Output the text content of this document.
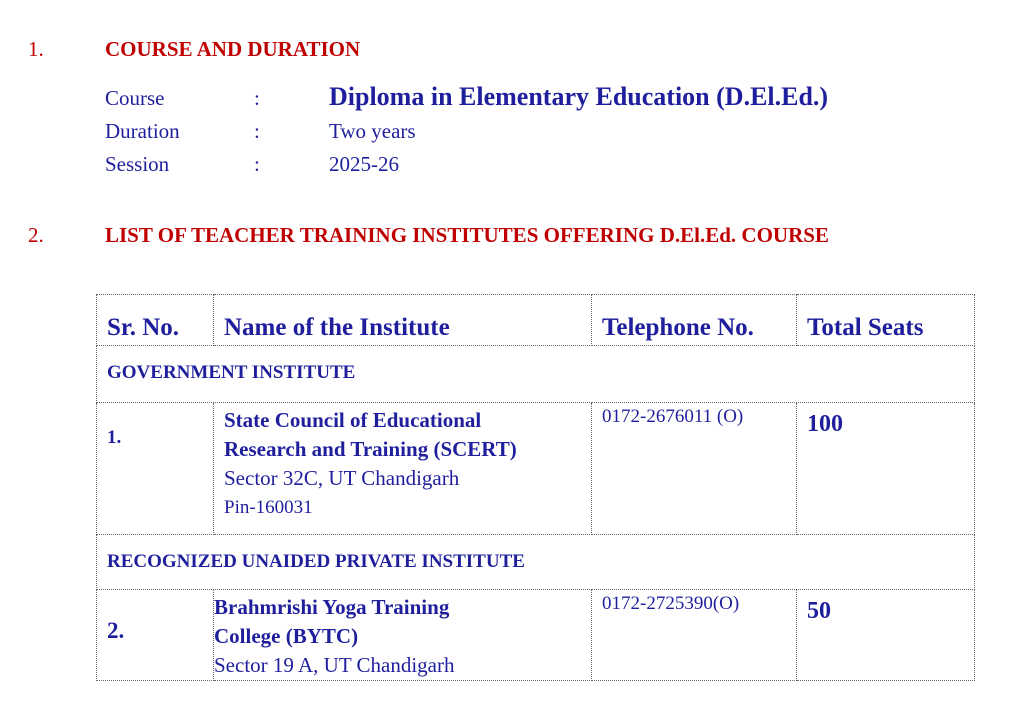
1.	COURSE AND DURATION
Course	:	Diploma in Elementary Education (D.El.Ed.)
Duration	:	Two years
Session	:	2025-26
2.	LIST OF TEACHER TRAINING INSTITUTES OFFERING D.El.Ed. COURSE
Sr. No.	Name of the Institute	Telephone No.	Total Seats
GOVERNMENT INSTITUTE			
1.	State Council of Educational
Research and Training (SCERT)
Sector 32C, UT Chandigarh
Pin-160031	0172-2676011 (O)	100
RECOGNIZED UNAIDED PRIVATE INSTITUTE			
2.	Brahmrishi Yoga Training
College (BYTC)
Sector 19 A, UT Chandigarh	0172-2725390(O)	50
